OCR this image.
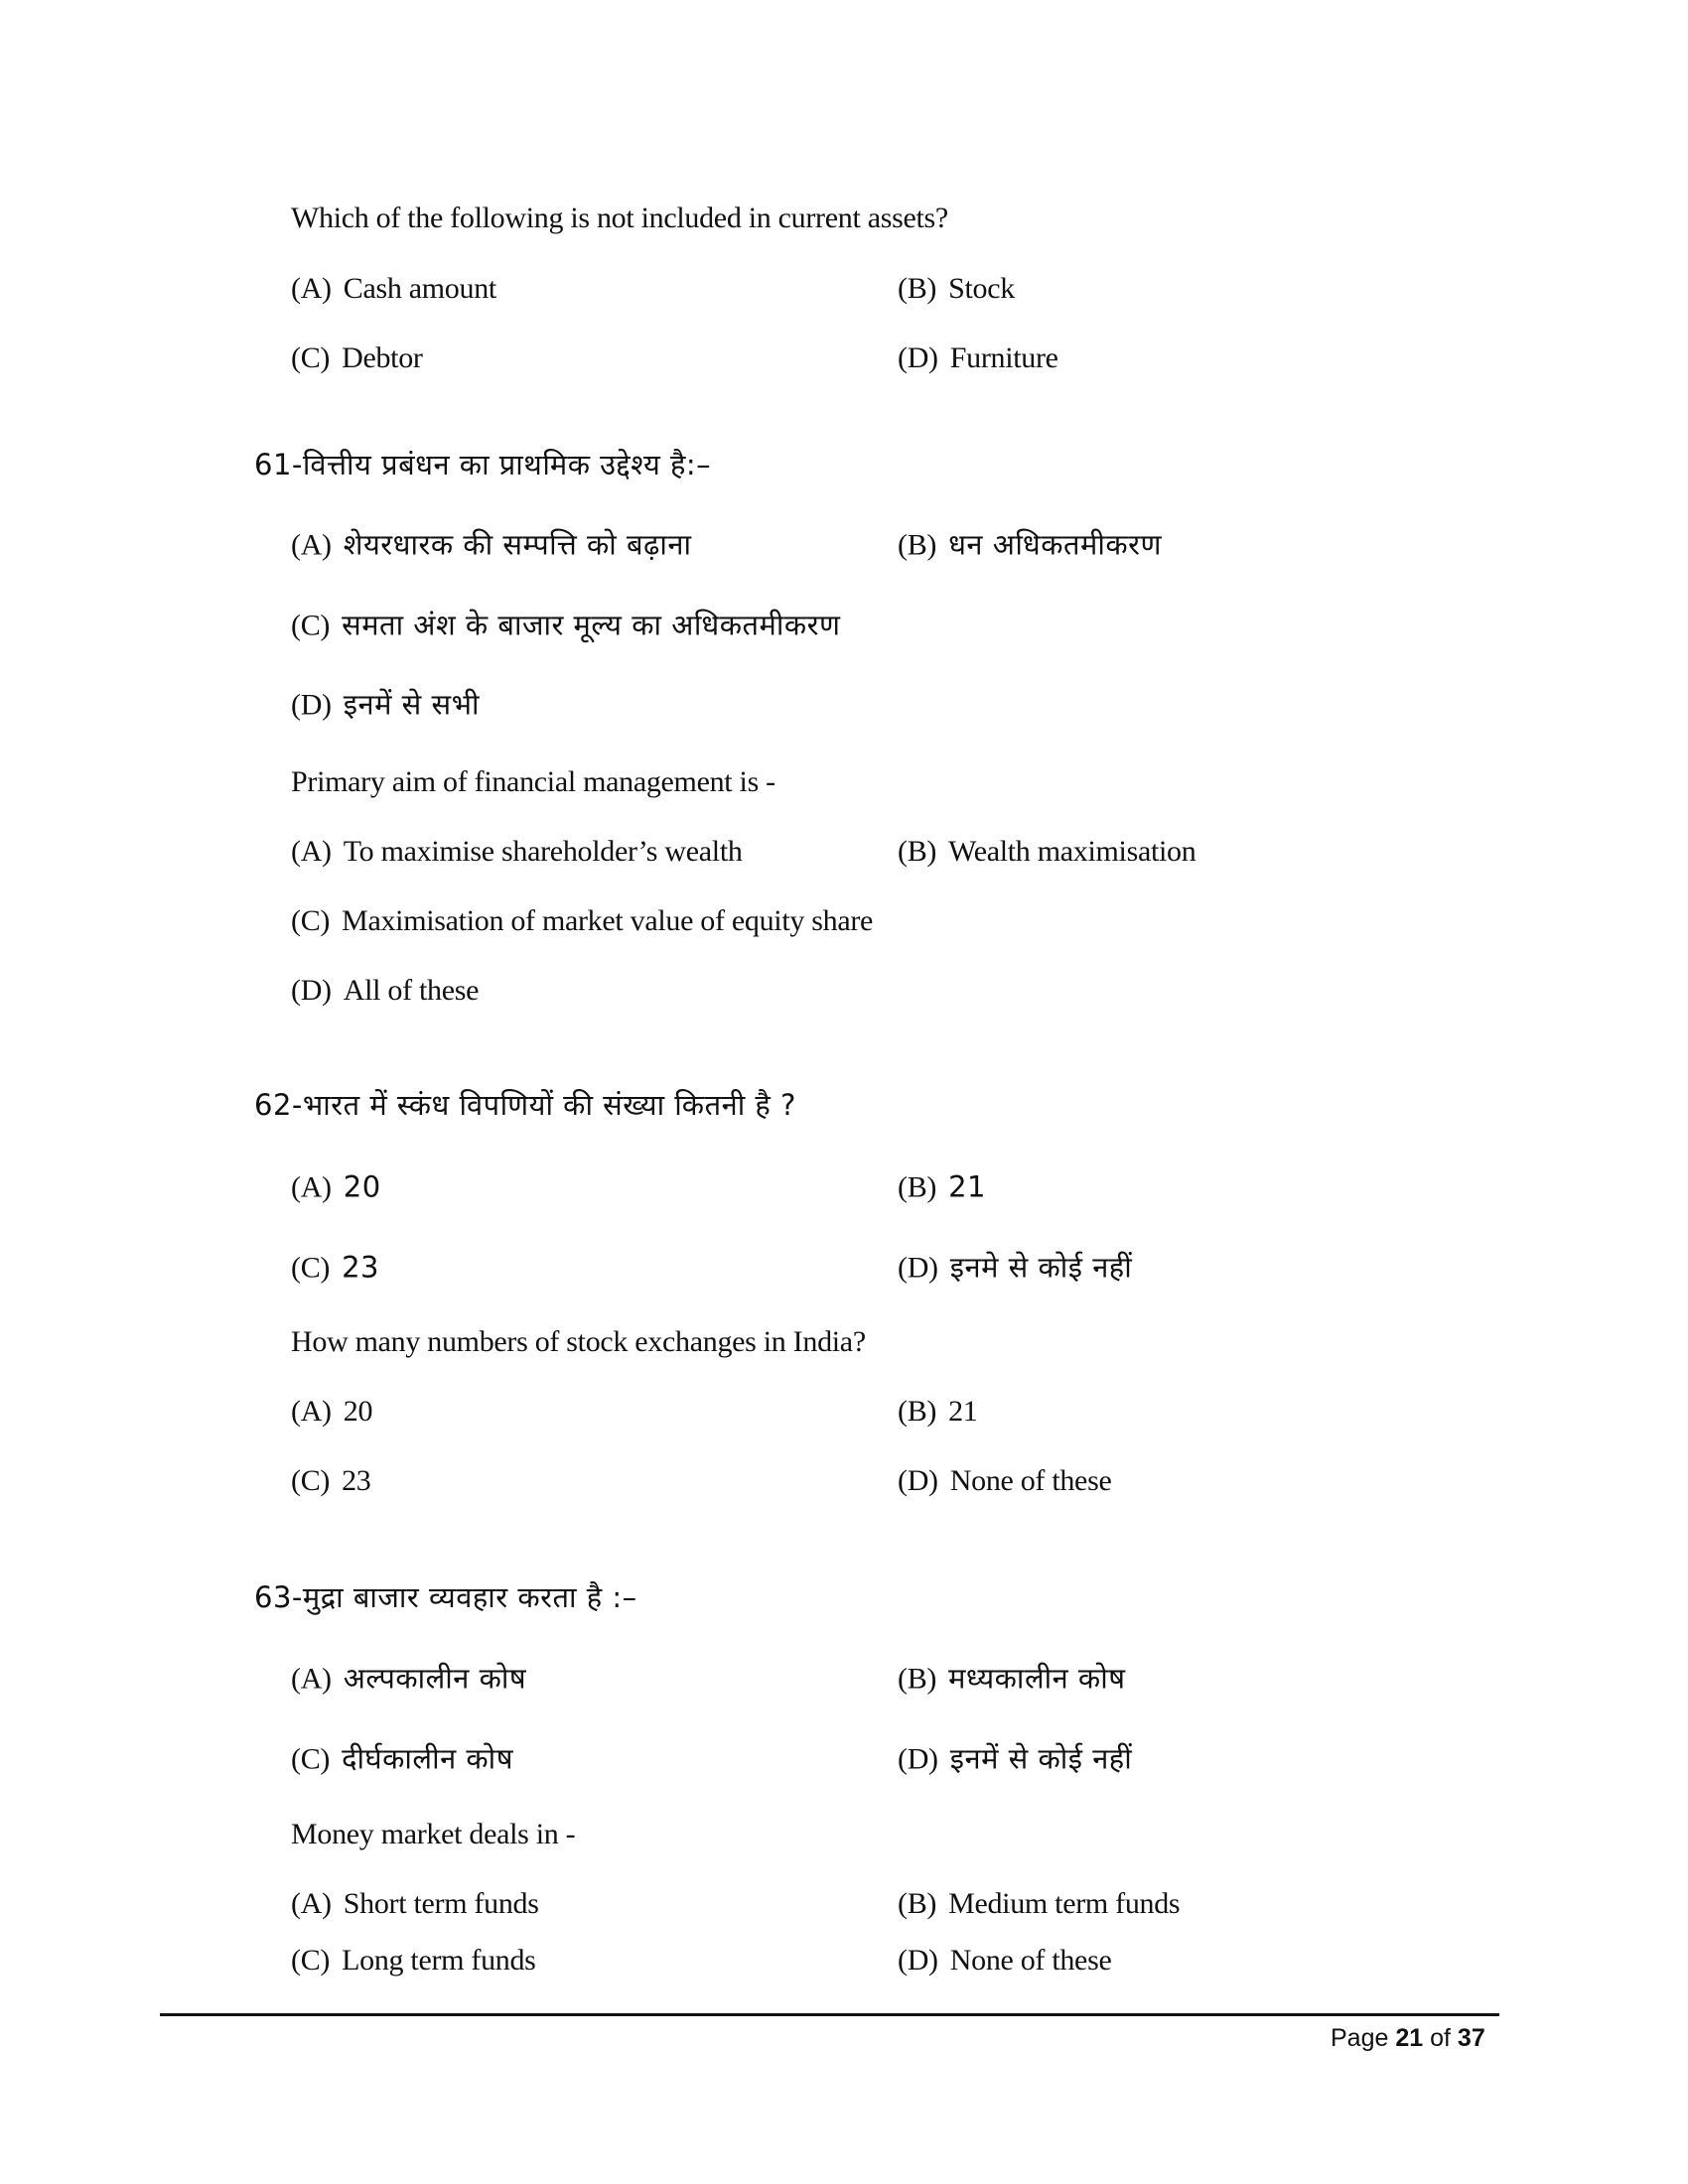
Which of the following is not included in current assets?
(A) Cash amount	(B) Stock
(C) Debtor	(D) Furniture
61-वित्तीय प्रबंधन का प्राथमिक उद्देश्य है:–
(A) शेयरधारक की सम्पत्ति को बढ़ाना	(B) धन अधिकतमीकरण
(C) समता अंश के बाजार मूल्य का अधिकतमीकरण
(D) इनमें से सभी
Primary aim of financial management is -
(A) To maximise shareholder’s wealth	(B) Wealth maximisation
(C) Maximisation of market value of equity share
(D) All of these
62-भारत में स्कंध विपणियों की संख्या कितनी है ?
(A) 20	(B) 21
(C) 23	(D) इनमे से कोई नहीं
How many numbers of stock exchanges in India?
(A) 20	(B) 21
(C) 23	(D) None of these
63-मुद्रा बाजार व्यवहार करता है :–
(A) अल्पकालीन कोष	(B) मध्यकालीन कोष
(C) दीर्घकालीन कोष	(D) इनमें से कोई नहीं
Money market deals in -
(A) Short term funds	(B) Medium term funds
(C) Long term funds	(D) None of these
Page 21 of 37
